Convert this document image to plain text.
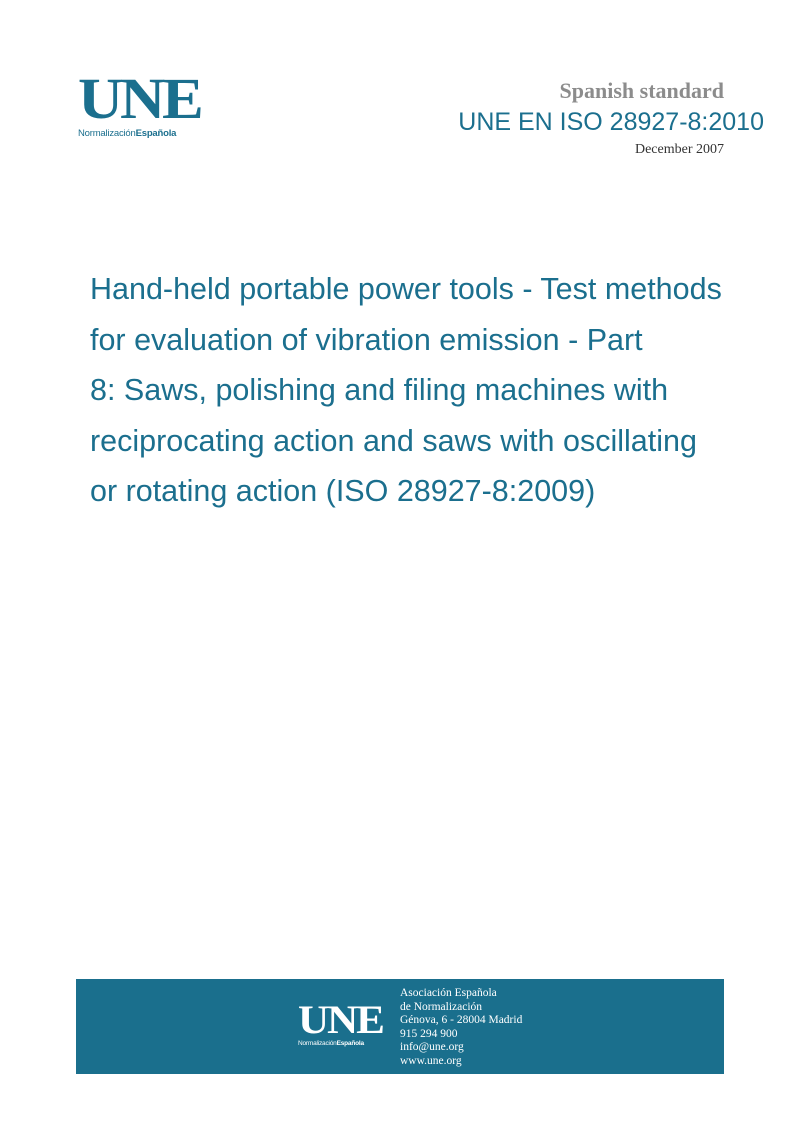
UNE
NormalizaciónEspañola
Spanish standard
UNE EN ISO 28927-8:2010
December 2007
Hand-held portable power tools - Test methods
for evaluation of vibration emission - Part
8: Saws, polishing and filing machines with
reciprocating action and saws with oscillating
or rotating action (ISO 28927-8:2009)
UNE
NormalizaciónEspañola
Asociación Española
de Normalización
Génova, 6 - 28004 Madrid
915 294 900
info@une.org
www.une.org
